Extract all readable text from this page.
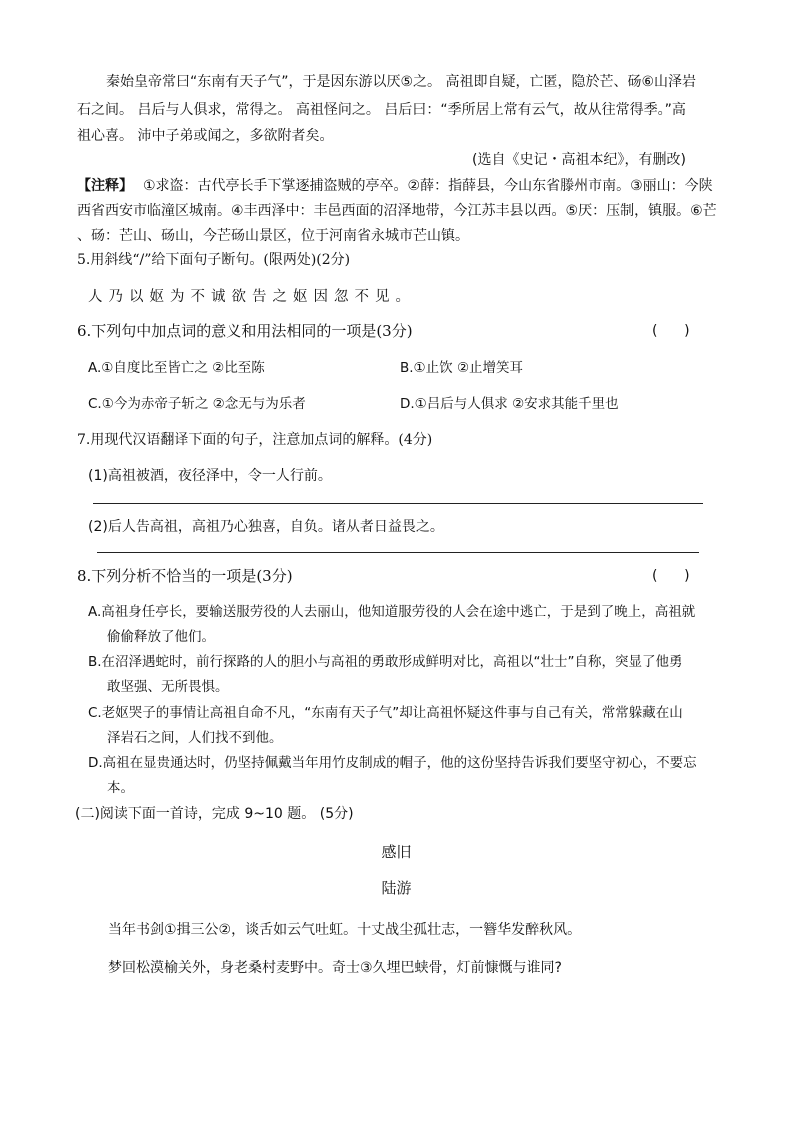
秦始皇帝常曰“东南有天子气”，于是因东游以厌⑤之。 高祖即自疑，亡匿，隐於芒、砀⑥山泽岩
石之间。 吕后与人俱求，常得之。 高祖怪问之。 吕后曰：“季所居上常有云气，故从往常得季。”高
祖心喜。 沛中子弟或闻之，多欲附者矣。
(选自《史记・高祖本纪》，有删改)
【注释】 ①求盗：古代亭长手下掌逐捕盗贼的亭卒。②薛：指薛县，今山东省滕州市南。③丽山：今陕
西省西安市临潼区城南。④丰西泽中：丰邑西面的沼泽地带，今江苏丰县以西。⑤厌：压制，镇服。⑥芒
、砀：芒山、砀山，今芒砀山景区，位于河南省永城市芒山镇。
5.用斜线“/”给下面句子断句。(限两处)(2分)
人乃以妪为不诚欲告之妪因忽不见。
6.下列句中加点词的意义和用法相同的一项是(3分)	(      )
A.①自度比至皆亡之 ②比至陈	B.①止饮 ②止增笑耳
C.①今为赤帝子斩之 ②念无与为乐者	D.①吕后与人俱求 ②安求其能千里也
7.用现代汉语翻译下面的句子，注意加点词的解释。(4分)
(1)高祖被酒，夜径泽中，令一人行前。
(2)后人告高祖，高祖乃心独喜，自负。诸从者日益畏之。
8.下列分析不恰当的一项是(3分)	(      )
A.高祖身任亭长，要输送服劳役的人去丽山，他知道服劳役的人会在途中逃亡，于是到了晚上，高祖就
偷偷释放了他们。
B.在沼泽遇蛇时，前行探路的人的胆小与高祖的勇敢形成鲜明对比，高祖以“壮士”自称，突显了他勇
敢坚强、无所畏惧。
C.老妪哭子的事情让高祖自命不凡，“东南有天子气”却让高祖怀疑这件事与自己有关，常常躲藏在山
泽岩石之间，人们找不到他。
D.高祖在显贵通达时，仍坚持佩戴当年用竹皮制成的帽子，他的这份坚持告诉我们要坚守初心，不要忘
本。
(二)阅读下面一首诗，完成 9~10 题。 (5分)
感旧
陆游
当年书剑①揖三公②，谈舌如云气吐虹。十丈战尘孤壮志，一簪华发醉秋风。
梦回松漠榆关外，身老桑村麦野中。奇士③久埋巴蛱骨，灯前慷慨与谁同?
